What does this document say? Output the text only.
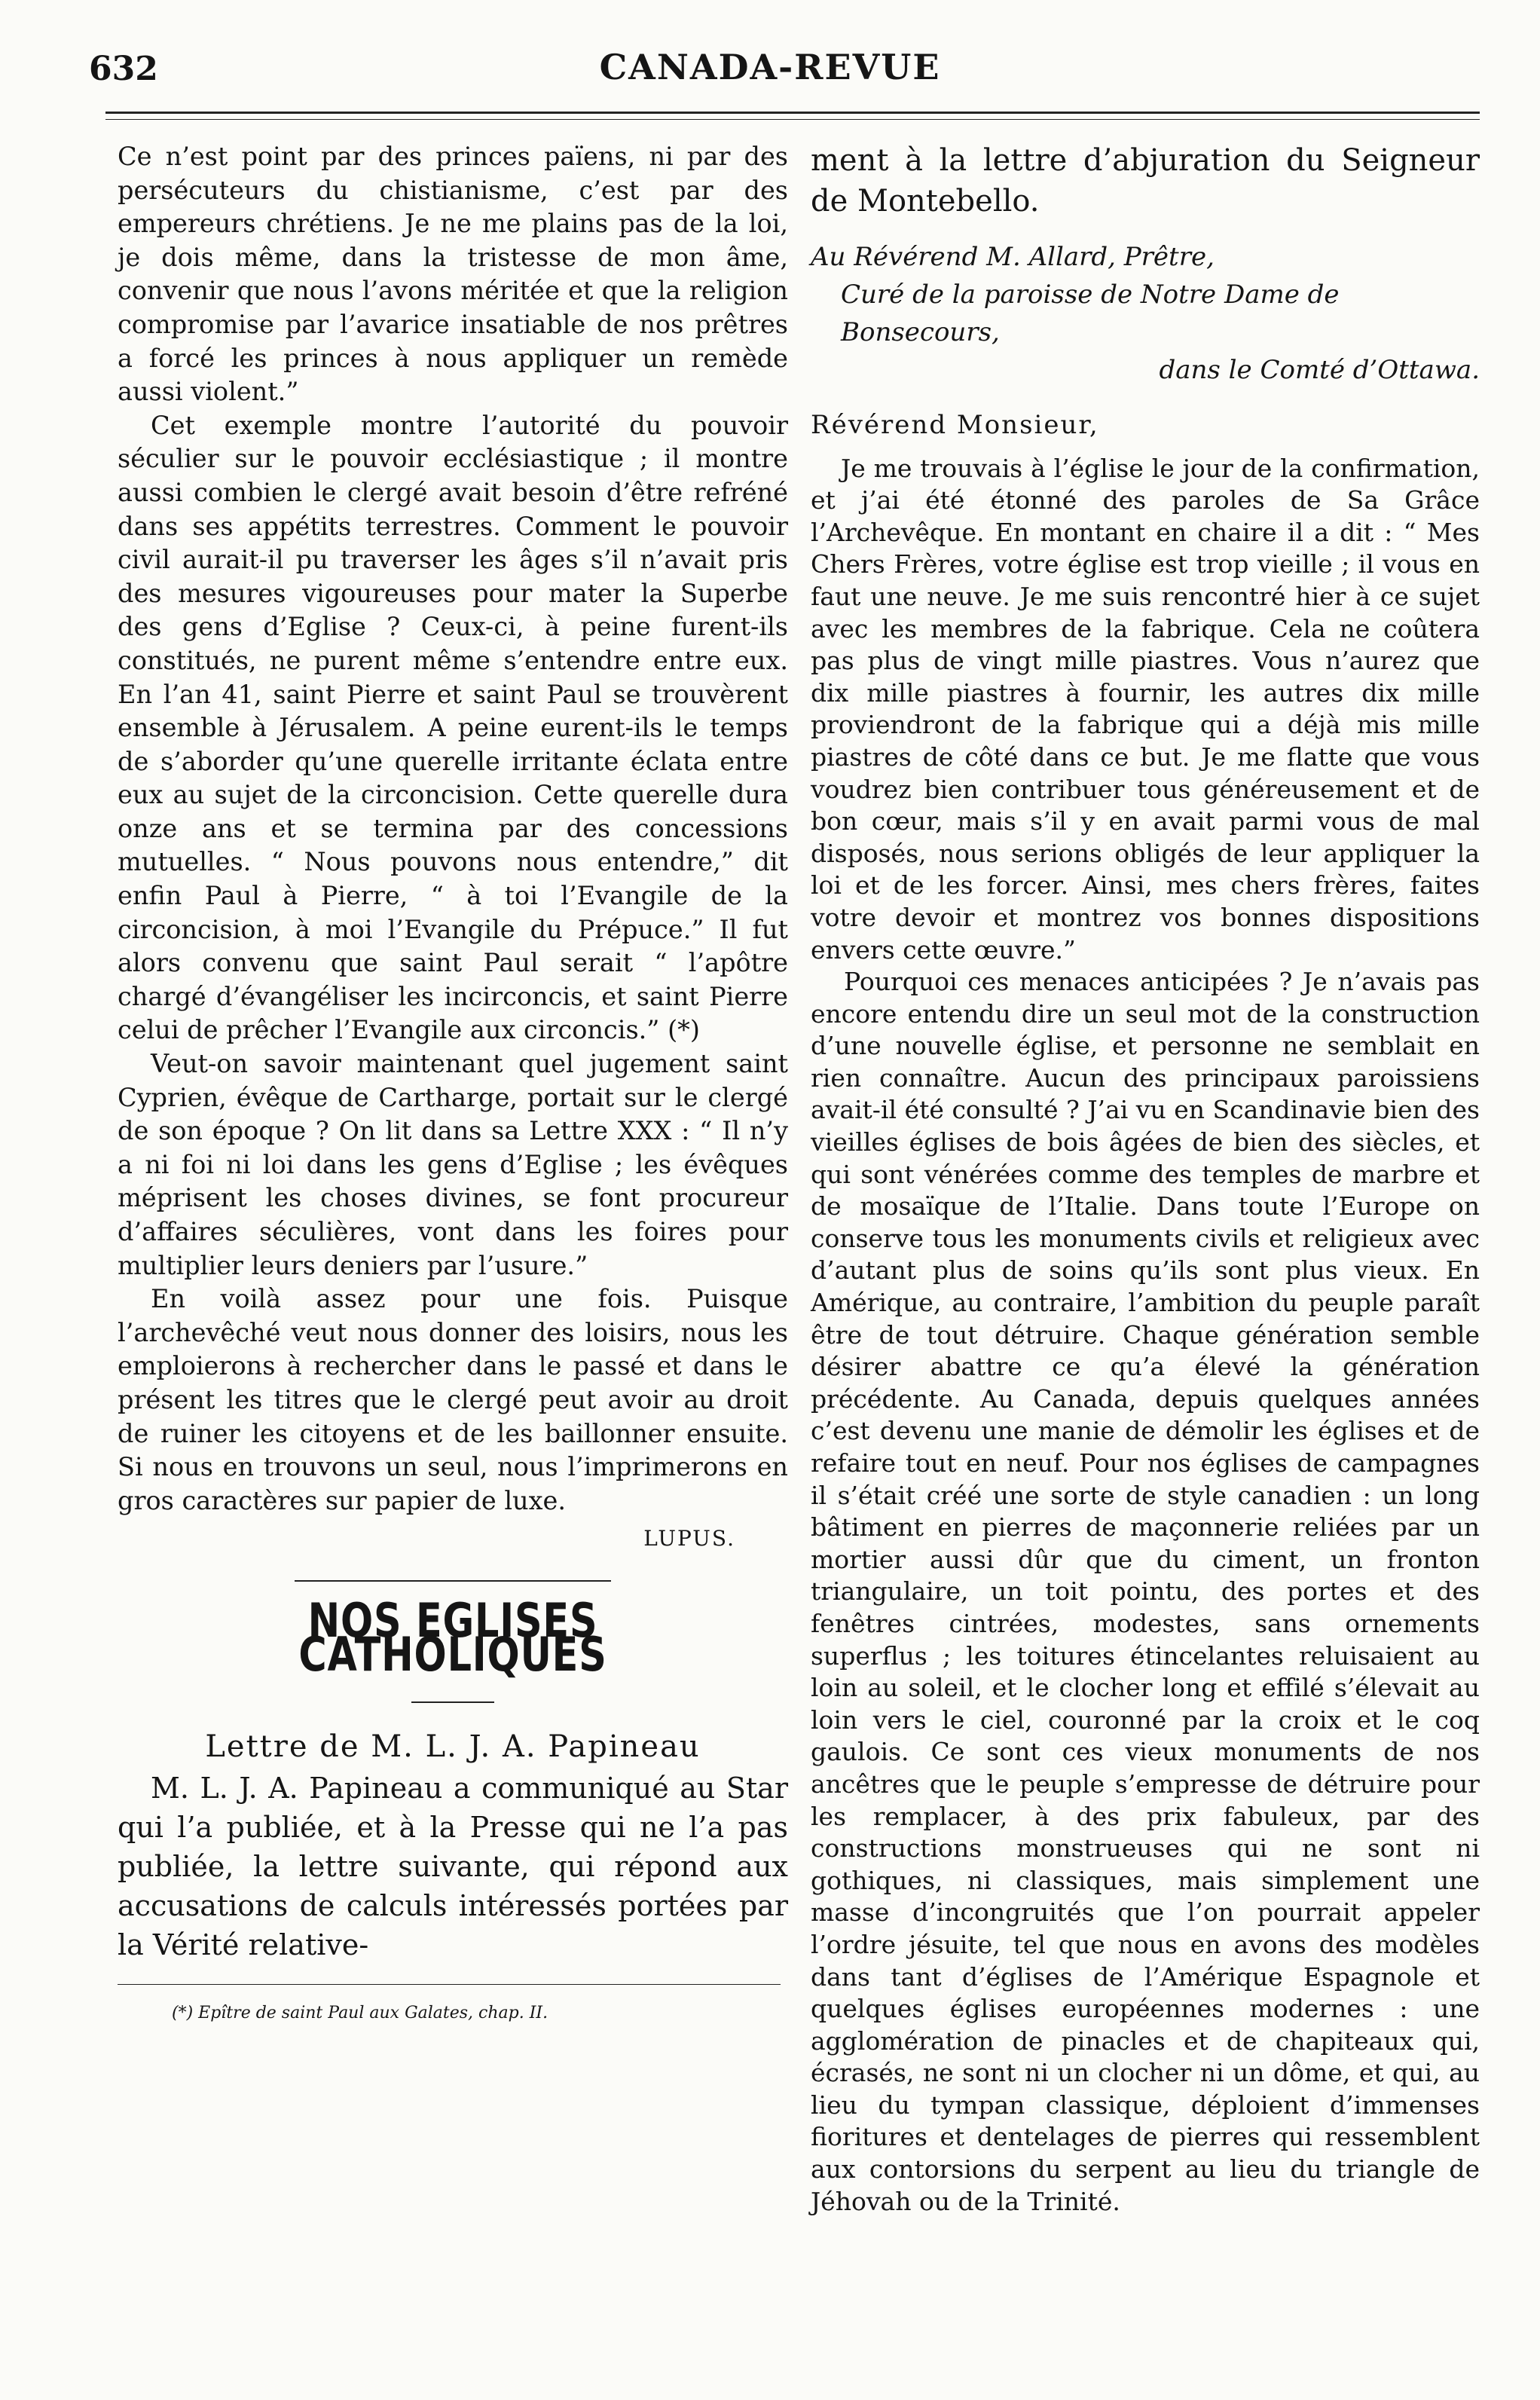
632	CANADA-REVUE

Ce n’est point par des princes païens, ni par des persécuteurs du chistianisme, c’est par des empereurs chrétiens. Je ne me plains pas de la loi, je dois même, dans la tristesse de mon âme, convenir que nous l’avons méritée et que la religion compromise par l’avarice insatiable de nos prêtres a forcé les princes à nous appliquer un remède aussi violent.”

Cet exemple montre l’autorité du pouvoir séculier sur le pouvoir ecclésiastique ; il montre aussi combien le clergé avait besoin d’être refréné dans ses appétits terrestres. Comment le pouvoir civil aurait-il pu traverser les âges s’il n’avait pris des mesures vigoureuses pour mater la Superbe des gens d’Eglise ? Ceux-ci, à peine furent-ils constitués, ne purent même s’entendre entre eux. En l’an 41, saint Pierre et saint Paul se trouvèrent ensemble à Jérusalem. A peine eurent-ils le temps de s’aborder qu’une querelle irritante éclata entre eux au sujet de la circoncision. Cette querelle dura onze ans et se termina par des concessions mutuelles. “ Nous pouvons nous entendre,” dit enfin Paul à Pierre, “ à toi l’Evangile de la circoncision, à moi l’Evangile du Prépuce.” Il fut alors convenu que saint Paul serait “ l’apôtre chargé d’évangéliser les incirconcis, et saint Pierre celui de prêcher l’Evangile aux circoncis.” (*)

Veut-on savoir maintenant quel jugement saint Cyprien, évêque de Cartharge, portait sur le clergé de son époque ? On lit dans sa Lettre XXX : “ Il n’y a ni foi ni loi dans les gens d’Eglise ; les évêques méprisent les choses divines, se font procureur d’affaires séculières, vont dans les foires pour multiplier leurs deniers par l’usure.”

En voilà assez pour une fois. Puisque l’archevêché veut nous donner des loisirs, nous les emploierons à rechercher dans le passé et dans le présent les titres que le clergé peut avoir au droit de ruiner les citoyens et de les baillonner ensuite. Si nous en trouvons un seul, nous l’imprimerons en gros caractères sur papier de luxe.

LUPUS.
NOS EGLISES CATHOLIQUES
Lettre de M. L. J. A. Papineau

M. L. J. A. Papineau a communiqué au Star qui l’a publiée, et à la Presse qui ne l’a pas publiée, la lettre suivante, qui répond aux accusations de calculs intéressés portées par la Vérité relative-

(*) Epître de saint Paul aux Galates, chap. II.

ment à la lettre d’abjuration du Seigneur de Montebello.

Au Révérend M. Allard, Prêtre,
Curé de la paroisse de Notre Dame de Bonsecours,
dans le Comté d’Ottawa.
Révérend Monsieur,

Je me trouvais à l’église le jour de la confirmation, et j’ai été étonné des paroles de Sa Grâce l’Archevêque. En montant en chaire il a dit : “ Mes Chers Frères, votre église est trop vieille ; il vous en faut une neuve. Je me suis rencontré hier à ce sujet avec les membres de la fabrique. Cela ne coûtera pas plus de vingt mille piastres. Vous n’aurez que dix mille piastres à fournir, les autres dix mille proviendront de la fabrique qui a déjà mis mille piastres de côté dans ce but. Je me flatte que vous voudrez bien contribuer tous généreusement et de bon cœur, mais s’il y en avait parmi vous de mal disposés, nous serions obligés de leur appliquer la loi et de les forcer. Ainsi, mes chers frères, faites votre devoir et montrez vos bonnes dispositions envers cette œuvre.”

Pourquoi ces menaces anticipées ? Je n’avais pas encore entendu dire un seul mot de la construction d’une nouvelle église, et personne ne semblait en rien connaître. Aucun des principaux paroissiens avait-il été consulté ? J’ai vu en Scandinavie bien des vieilles églises de bois âgées de bien des siècles, et qui sont vénérées comme des temples de marbre et de mosaïque de l’Italie. Dans toute l’Europe on conserve tous les monuments civils et religieux avec d’autant plus de soins qu’ils sont plus vieux. En Amérique, au contraire, l’ambition du peuple paraît être de tout détruire. Chaque génération semble désirer abattre ce qu’a élevé la génération précédente. Au Canada, depuis quelques années c’est devenu une manie de démolir les églises et de refaire tout en neuf. Pour nos églises de campagnes il s’était créé une sorte de style canadien : un long bâtiment en pierres de maçonnerie reliées par un mortier aussi dûr que du ciment, un fronton triangulaire, un toit pointu, des portes et des fenêtres cintrées, modestes, sans ornements superflus ; les toitures étincelantes reluisaient au loin au soleil, et le clocher long et effilé s’élevait au loin vers le ciel, couronné par la croix et le coq gaulois. Ce sont ces vieux monuments de nos ancêtres que le peuple s’empresse de détruire pour les remplacer, à des prix fabuleux, par des constructions monstrueuses qui ne sont ni gothiques, ni classiques, mais simplement une masse d’incongruités que l’on pourrait appeler l’ordre jésuite, tel que nous en avons des modèles dans tant d’églises de l’Amérique Espagnole et quelques églises européennes modernes : une agglomération de pinacles et de chapiteaux qui, écrasés, ne sont ni un clocher ni un dôme, et qui, au lieu du tympan classique, déploient d’immenses fioritures et dentelages de pierres qui ressemblent aux contorsions du serpent au lieu du triangle de Jéhovah ou de la Trinité.
